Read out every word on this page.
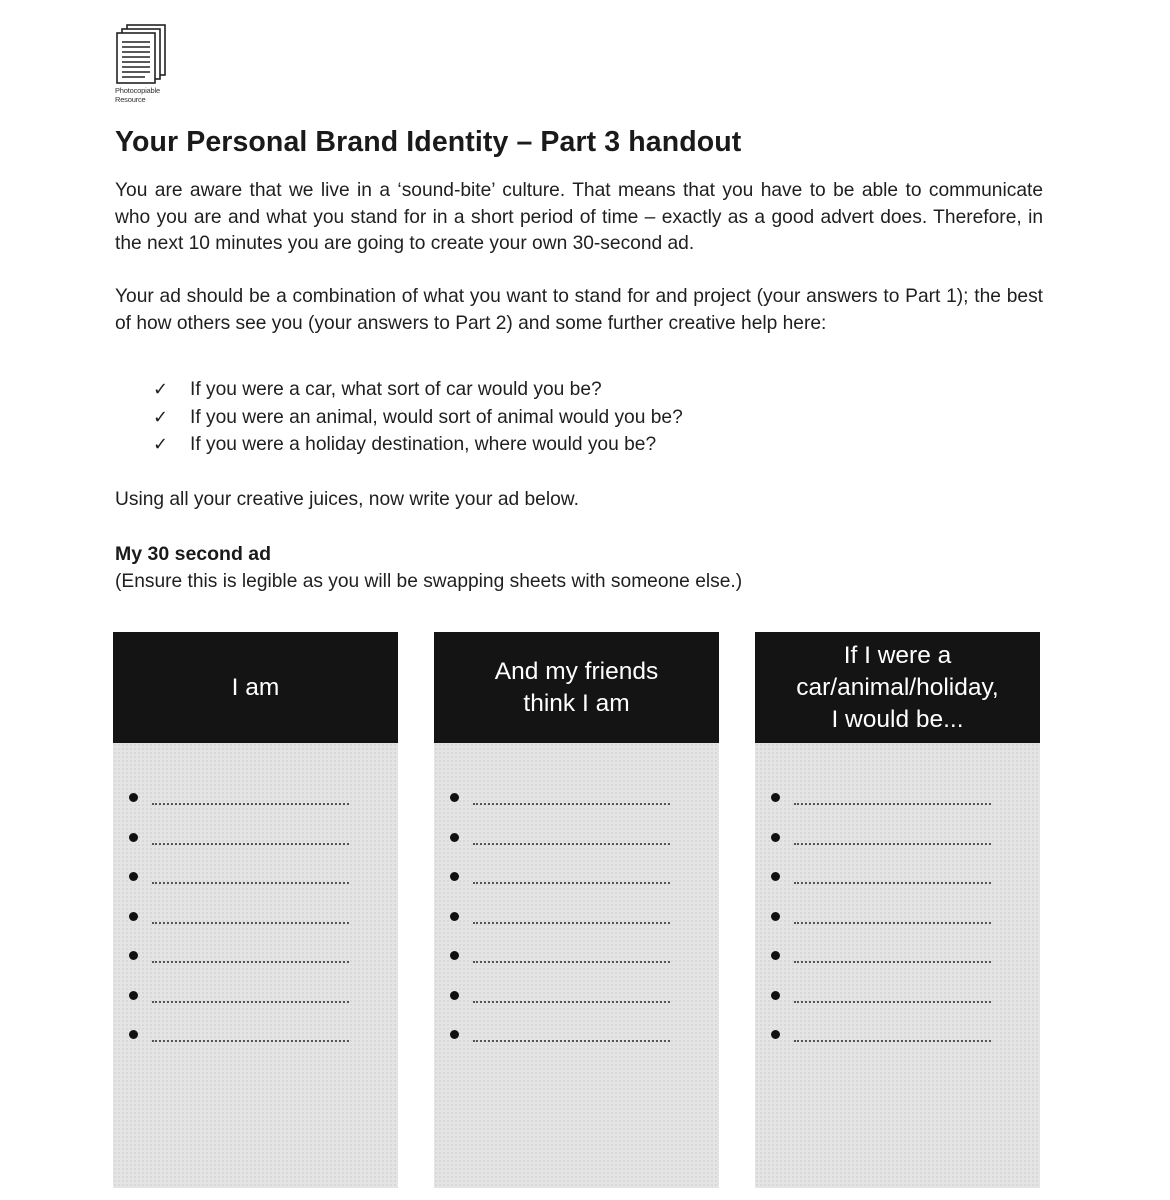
Photocopiable
Resource
Your Personal Brand Identity – Part 3 handout

You are aware that we live in a ‘sound-bite’ culture. That means that you have to be able to communicate who you are and what you stand for in a short period of time – exactly as a good advert does. Therefore, in the next 10 minutes you are going to create your own 30-second ad.

Your ad should be a combination of what you want to stand for and project (your answers to Part 1); the best of how others see you (your answers to Part 2) and some further creative help here:

✓	If you were a car, what sort of car would you be?
✓	If you were an animal, would sort of animal would you be?
✓	If you were a holiday destination, where would you be?

Using all your creative juices, now write your ad below.

My 30 second ad

(Ensure this is legible as you will be swapping sheets with someone else.)

I am
And my friends
think I am
If I were a
car/animal/holiday,
I would be...
